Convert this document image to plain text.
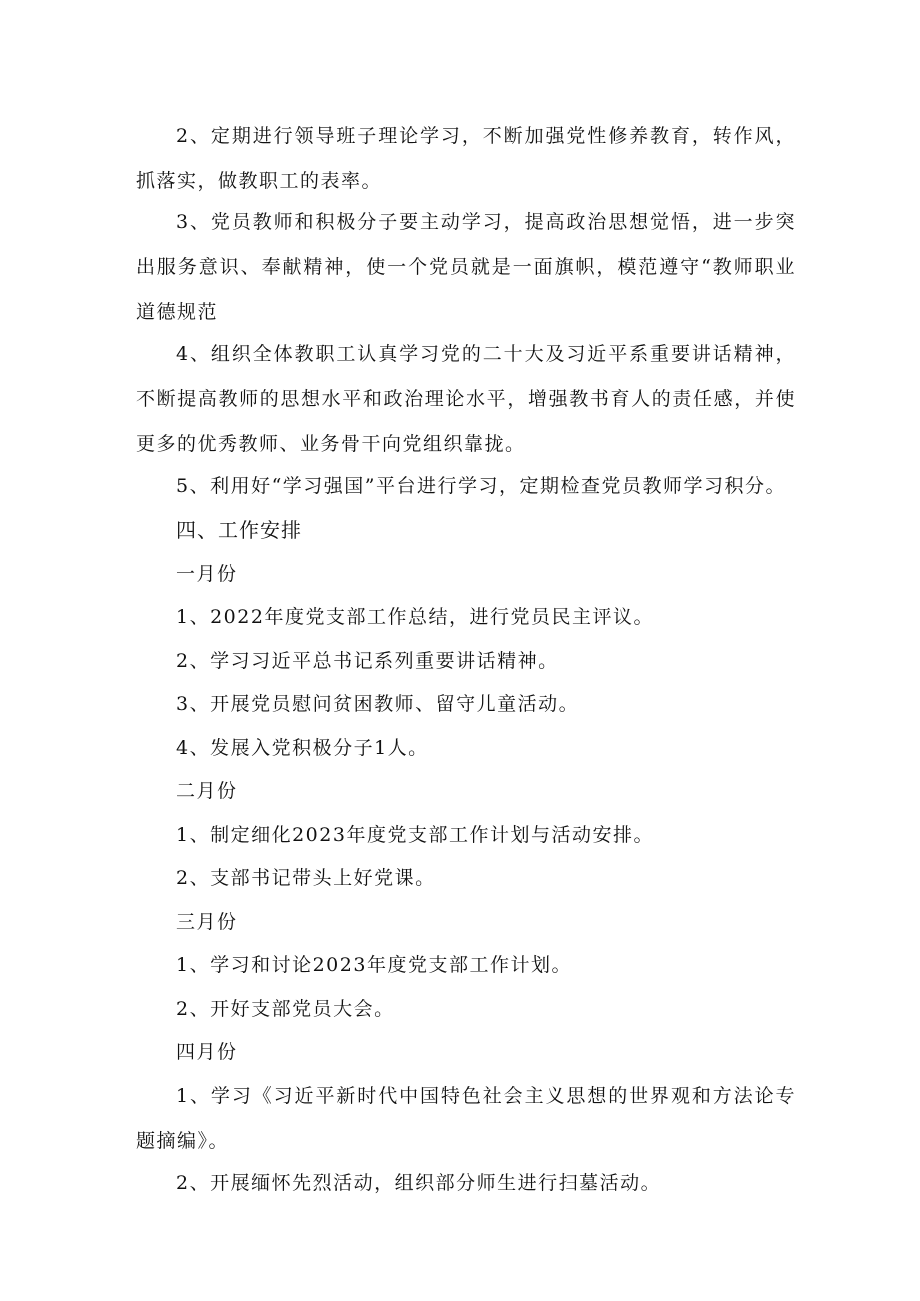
2、定期进行领导班子理论学习，不断加强党性修养教育，转作风，抓落实，做教职工的表率。

3、党员教师和积极分子要主动学习，提高政治思想觉悟，进一步突出服务意识、奉献精神，使一个党员就是一面旗帜，模范遵守“教师职业道德规范

4、组织全体教职工认真学习党的二十大及习近平系重要讲话精神，不断提高教师的思想水平和政治理论水平，增强教书育人的责任感，并使更多的优秀教师、业务骨干向党组织靠拢。

5、利用好“学习强国”平台进行学习，定期检查党员教师学习积分。

四、工作安排

一月份

1、2022年度党支部工作总结，进行党员民主评议。

2、学习习近平总书记系列重要讲话精神。

3、开展党员慰问贫困教师、留守儿童活动。

4、发展入党积极分子1人。

二月份

1、制定细化2023年度党支部工作计划与活动安排。

2、支部书记带头上好党课。

三月份

1、学习和讨论2023年度党支部工作计划。

2、开好支部党员大会。

四月份

1、学习《习近平新时代中国特色社会主义思想的世界观和方法论专题摘编》。

2、开展缅怀先烈活动，组织部分师生进行扫墓活动。
